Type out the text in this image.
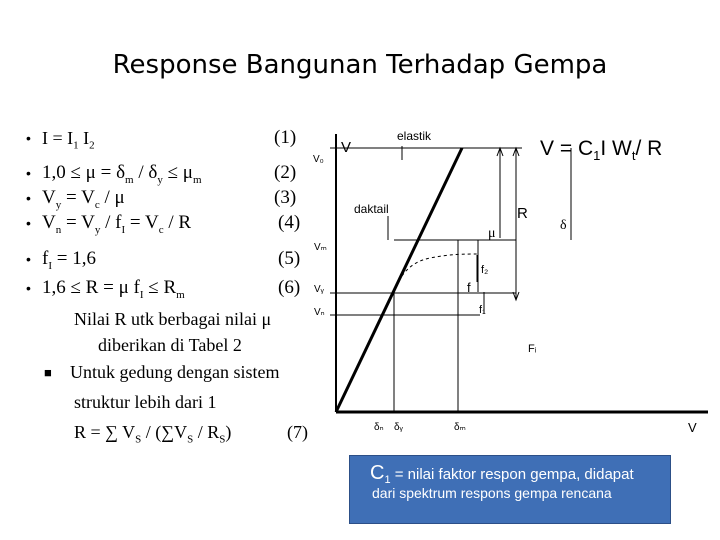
Response Bangunan Terhadap Gempa
• $I = I_1$ $I_2$	(1)
• $1,0 \le \mu = \delta_m / \delta_y \le \mu_m$	(2)
• $V_y = V_c / \mu$	(3)
• $V_n = V_y / f_I = V_c / R$	(4)
• $f_I = 1,6$	(5)
• 1,6 ≤ R = μ $f_I \le R_m$	(6)
Nilai R utk berbagai nilai μ
diberikan di Tabel 2
■ Untuk gedung dengan sistem
struktur lebih dari 1
R = ∑ $V_S / (\sum V_S / R_S)$	(7)
V
elastik
V₀
daktail	R
μ
δ
Vₘ
f₂
f
Vᵧ
f₁
Vₙ
Fᵢ
δₙ δᵧ	δₘ	V
$V = C_1I$ $W_t/$ R
$C_1$ = nilai faktor respon gempa, didapat
dari spektrum respons gempa rencana
